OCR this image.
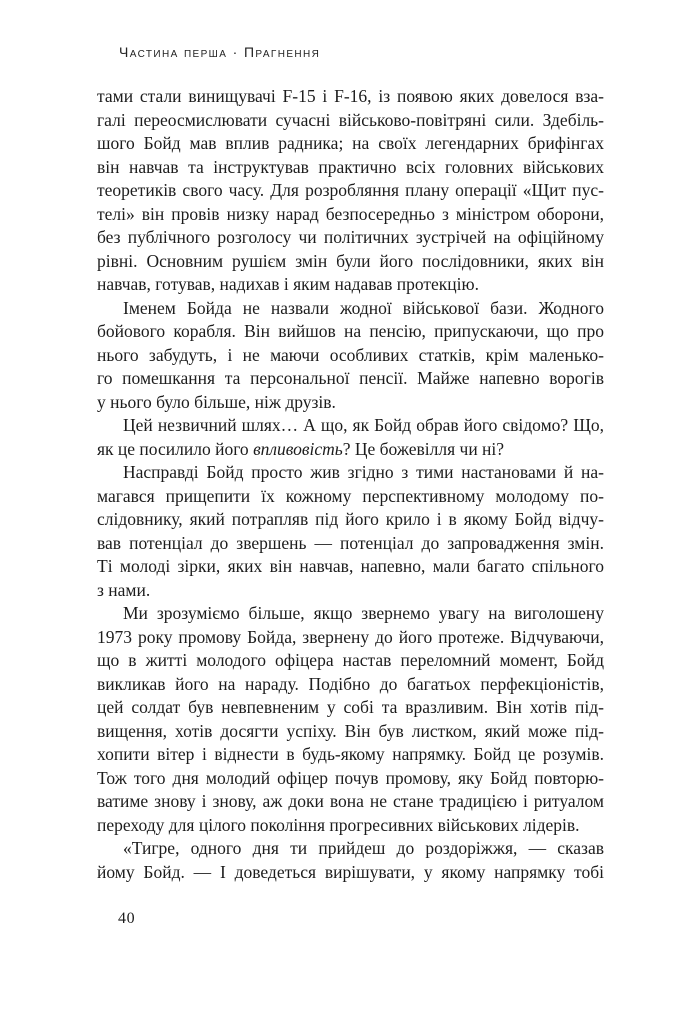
Частина перша · Прагнення
тами стали винищувачі F-15 і F-16, із появою яких довелося вза-
галі переосмислювати сучасні військово-повітряні сили. Здебіль-
шого Бойд мав вплив радника; на своїх легендарних брифінгах
він навчав та інструктував практично всіх головних військових
теоретиків свого часу. Для розробляння плану операції «Щит пус-
телі» він провів низку нарад безпосередньо з міністром оборони,
без публічного розголосу чи політичних зустрічей на офіційному
рівні. Основним рушієм змін були його послідовники, яких він
навчав, готував, надихав і яким надавав протекцію.
Іменем Бойда не назвали жодної військової бази. Жодного
бойового корабля. Він вийшов на пенсію, припускаючи, що про
нього забудуть, і не маючи особливих статків, крім маленько-
го помешкання та персональної пенсії. Майже напевно ворогів
у нього було більше, ніж друзів.
Цей незвичний шлях… А що, як Бойд обрав його свідомо? Що,
як це посилило його впливовість? Це божевілля чи ні?
Насправді Бойд просто жив згідно з тими настановами й на-
магався прищепити їх кожному перспективному молодому по-
слідовнику, який потрапляв під його крило і в якому Бойд відчу-
вав потенціал до звершень — потенціал до запровадження змін.
Ті молоді зірки, яких він навчав, напевно, мали багато спільного
з нами.
Ми зрозуміємо більше, якщо звернемо увагу на виголошену
1973 року промову Бойда, звернену до його протеже. Відчуваючи,
що в житті молодого офіцера настав переломний момент, Бойд
викликав його на нараду. Подібно до багатьох перфекціоністів,
цей солдат був невпевненим у собі та вразливим. Він хотів під-
вищення, хотів досягти успіху. Він був листком, який може під-
хопити вітер і віднести в будь-якому напрямку. Бойд це розумів.
Тож того дня молодий офіцер почув промову, яку Бойд повторю-
ватиме знову і знову, аж доки вона не стане традицією і ритуалом
переходу для цілого покоління прогресивних військових лідерів.
«Тигре, одного дня ти прийдеш до роздоріжжя, — сказав
йому Бойд. — І доведеться вирішувати, у якому напрямку тобі
40
